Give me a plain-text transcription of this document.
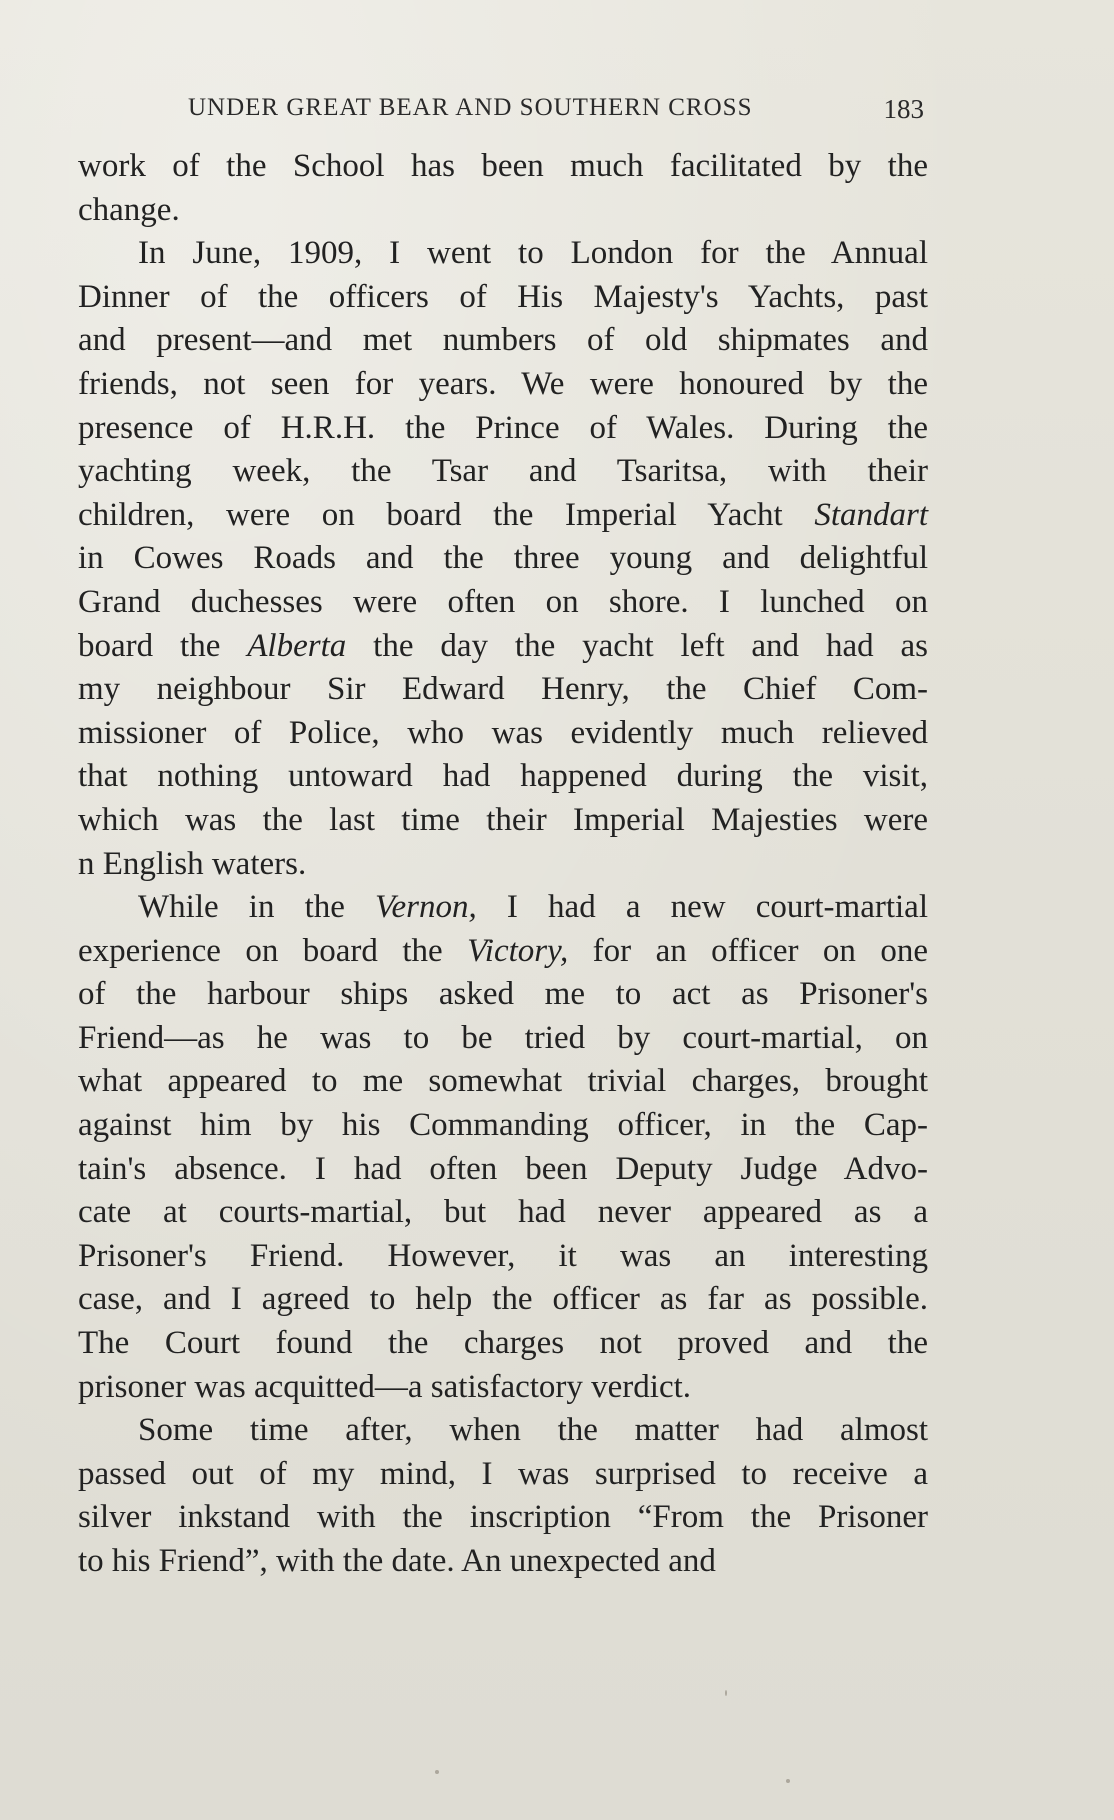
UNDER GREAT BEAR AND SOUTHERN CROSS	183
work of the School has been much facilitated by the
change.
In June, 1909, I went to London for the Annual
Dinner of the officers of His Majesty's Yachts, past
and present—and met numbers of old shipmates and
friends, not seen for years. We were honoured by the
presence of H.R.H. the Prince of Wales. During the
yachting week, the Tsar and Tsaritsa, with their
children, were on board the Imperial Yacht Standart
in Cowes Roads and the three young and delightful
Grand duchesses were often on shore. I lunched on
board the Alberta the day the yacht left and had as
my neighbour Sir Edward Henry, the Chief Com-
missioner of Police, who was evidently much relieved
that nothing untoward had happened during the visit,
which was the last time their Imperial Majesties were
n English waters.
While in the Vernon, I had a new court-martial
experience on board the Victory, for an officer on one
of the harbour ships asked me to act as Prisoner's
Friend—as he was to be tried by court-martial, on
what appeared to me somewhat trivial charges, brought
against him by his Commanding officer, in the Cap-
tain's absence. I had often been Deputy Judge Advo-
cate at courts-martial, but had never appeared as a
Prisoner's Friend. However, it was an interesting
case, and I agreed to help the officer as far as possible.
The Court found the charges not proved and the
prisoner was acquitted—a satisfactory verdict.
Some time after, when the matter had almost
passed out of my mind, I was surprised to receive a
silver inkstand with the inscription “From the Prisoner
to his Friend”, with the date. An unexpected and
